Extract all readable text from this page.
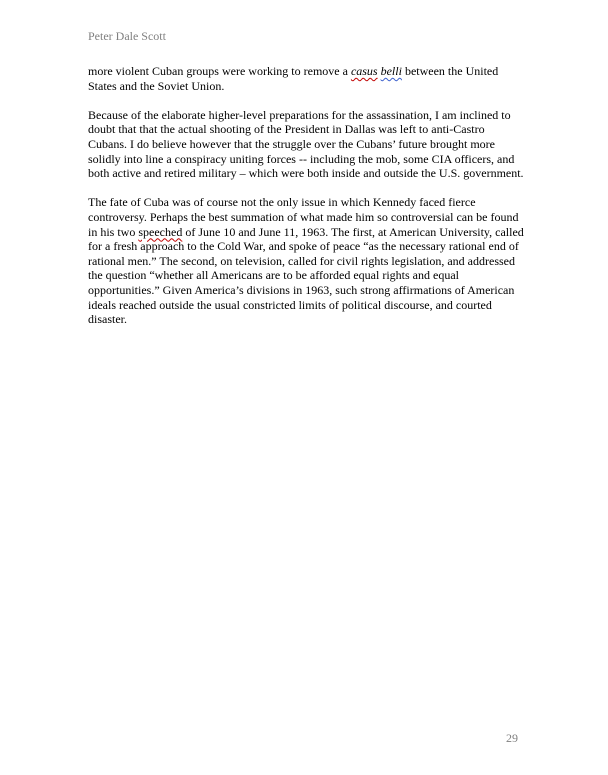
Peter Dale Scott

more violent Cuban groups were working to remove a casus belli between the United States and the Soviet Union.

Because of the elaborate higher-level preparations for the assassination, I am inclined to doubt that that the actual shooting of the President in Dallas was left to anti-Castro Cubans. I do believe however that the struggle over the Cubans’ future brought more solidly into line a conspiracy uniting forces -- including the mob, some CIA officers, and both active and retired military – which were both inside and outside the U.S. government.

The fate of Cuba was of course not the only issue in which Kennedy faced fierce controversy. Perhaps the best summation of what made him so controversial can be found in his two speeched of June 10 and June 11, 1963. The first, at American University, called for a fresh approach to the Cold War, and spoke of peace “as the necessary rational end of rational men.” The second, on television, called for civil rights legislation, and addressed the question “whether all Americans are to be afforded equal rights and equal opportunities.” Given America’s divisions in 1963, such strong affirmations of American ideals reached outside the usual constricted limits of political discourse, and courted disaster.

29
